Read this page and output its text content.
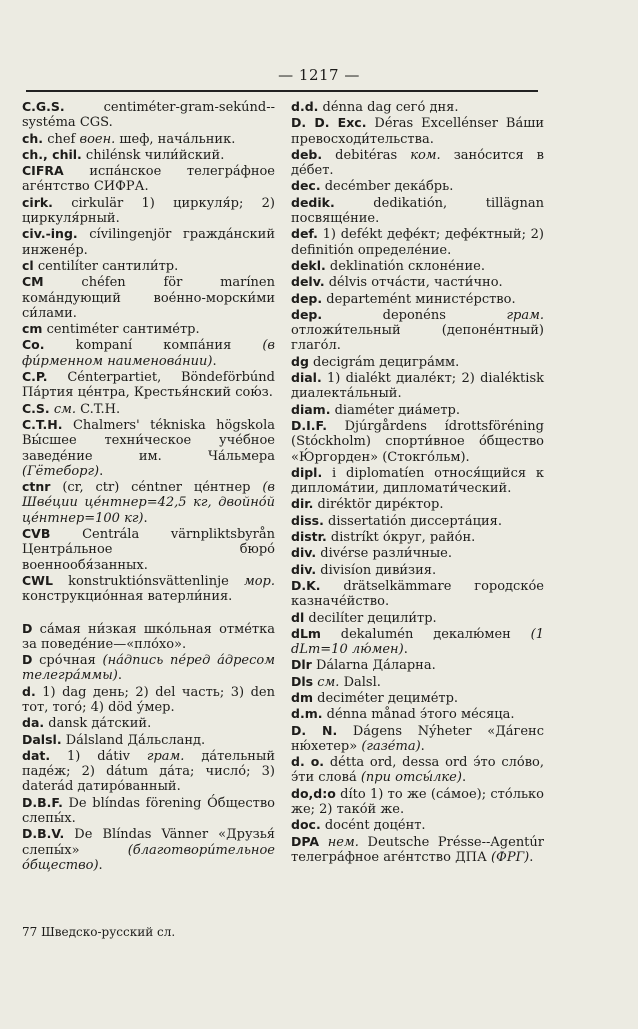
— 1217 —

C.G.S. centiméter-gram-sekúnd--systéma CGS.

ch. chef воен. шеф, нача́льник.

ch., chil. chilénsk чили́йский.

CIFRA испа́нское телегра́фное аге́нтство СИФРА.

cirk. cirkulär 1) циркуля́р; 2) циркуля́рный.

civ.-ing. cívilingenjör гражда́нский инжене́р.

cl centilíter сантили́тр.

CM chéfen för marínen кома́ндующий вое́нно-морски́ми си́лами.

cm centiméter сантиме́тр.

Co. kompaní компа́ния (в фи́рменном наименова́нии).

C.P. Cénterpartiet, Böndeförbúnd Па́ртия це́нтра, Крестья́нский сою́з.

C.S. см. C.T.H.

C.T.H. Chalmers' tékniska högskola Вы́сшее техни́ческое уче́бное заведе́ние им. Ча́льмера (Гётеборг).

ctnr (cr, ctr) céntner це́нтнер (в Шве́ции це́нтнер=42,5 кг, двойно́й це́нтнер=100 кг).

CVB Centrála värnpliktsbyrån Центра́льное бюро́ военнообя́занных.

CWL konstruktiónsvättenlinje мор. конструкцио́нная ватерли́ния.

D са́мая ни́зкая шко́льная отме́тка за поведе́ние—«пло́хо».

D сро́чная (на́дпись пе́ред а́дресом телегра́ммы).

d. 1) dag день; 2) del часть; 3) den тот, того́; 4) död у́мер.

da. dansk да́тский.

Dalsl. Dálsland Да́льсланд.

dat. 1) dátiv грам. да́тельный паде́ж; 2) dátum да́та; число́; 3) daterád датиро́ванный.

D.B.F. De blíndas förening О́бщество слепы́х.

D.B.V. De Blíndas Vänner «Друзья́ слепы́х» (благотвори́тельное о́бщество).

d.d. dénna dag сего́ дня.

D. D. Exc. Déras Excellénser Ва́ши превосходи́тельства.

deb. debitéras ком. зано́сится в де́бет.

dec. decémber дека́брь.

dedik. dedikatión, tillägnan посвяще́ние.

def. 1) defékt дефе́кт; дефе́ктный; 2) definitión определе́ние.

dekl. deklinatión склоне́ние.

delv. délvis отча́сти, части́чно.

dep. departemént министе́рство.

dep. deponéns грам. отложи́тельный (депоне́нтный) глаго́л.

dg decigrám децигра́мм.

dial. 1) dialékt диале́кт; 2) dialéktisk диалекта́льный.

diam. diaméter диа́метр.

D.I.F. Djúrgårdens ídrottsföréning (Stóckholm) спорти́вное о́бщество «Ю́ргорден» (Стокго́льм).

dipl. i diplomatíen относя́щийся к диплома́тии, дипломати́ческий.

dir. diréktör дире́ктор.

diss. dissertatión диссерта́ция.

distr. distríkt о́круг, райо́н.

div. divérse разли́чные.

div. divisíon диви́зия.

D.K. drätselkämmare городско́е казначе́йство.

dl decilíter децили́тр.

dLm dekalumén декалю́мен (1 dLm=10 лю́мен).

Dlr Dálarna Да́ларна.

Dls см. Dalsl.

dm deciméter дециме́тр.

d.m. dénna månad э́того ме́сяца.

D. N. Dágens Nýheter «Да́генс ню́хетер» (газе́та).

d. o. détta ord, dessa ord э́то сло́во, э́ти слова́ (при отсы́лке).

do,d:o díto 1) то же (са́мое); сто́лько же; 2) тако́й же.

doc. docént доце́нт.

DPA нем. Deutsche Présse--Agentúr телегра́фное аге́нтство ДПА (ФРГ).

77 Шведско-русский сл.
